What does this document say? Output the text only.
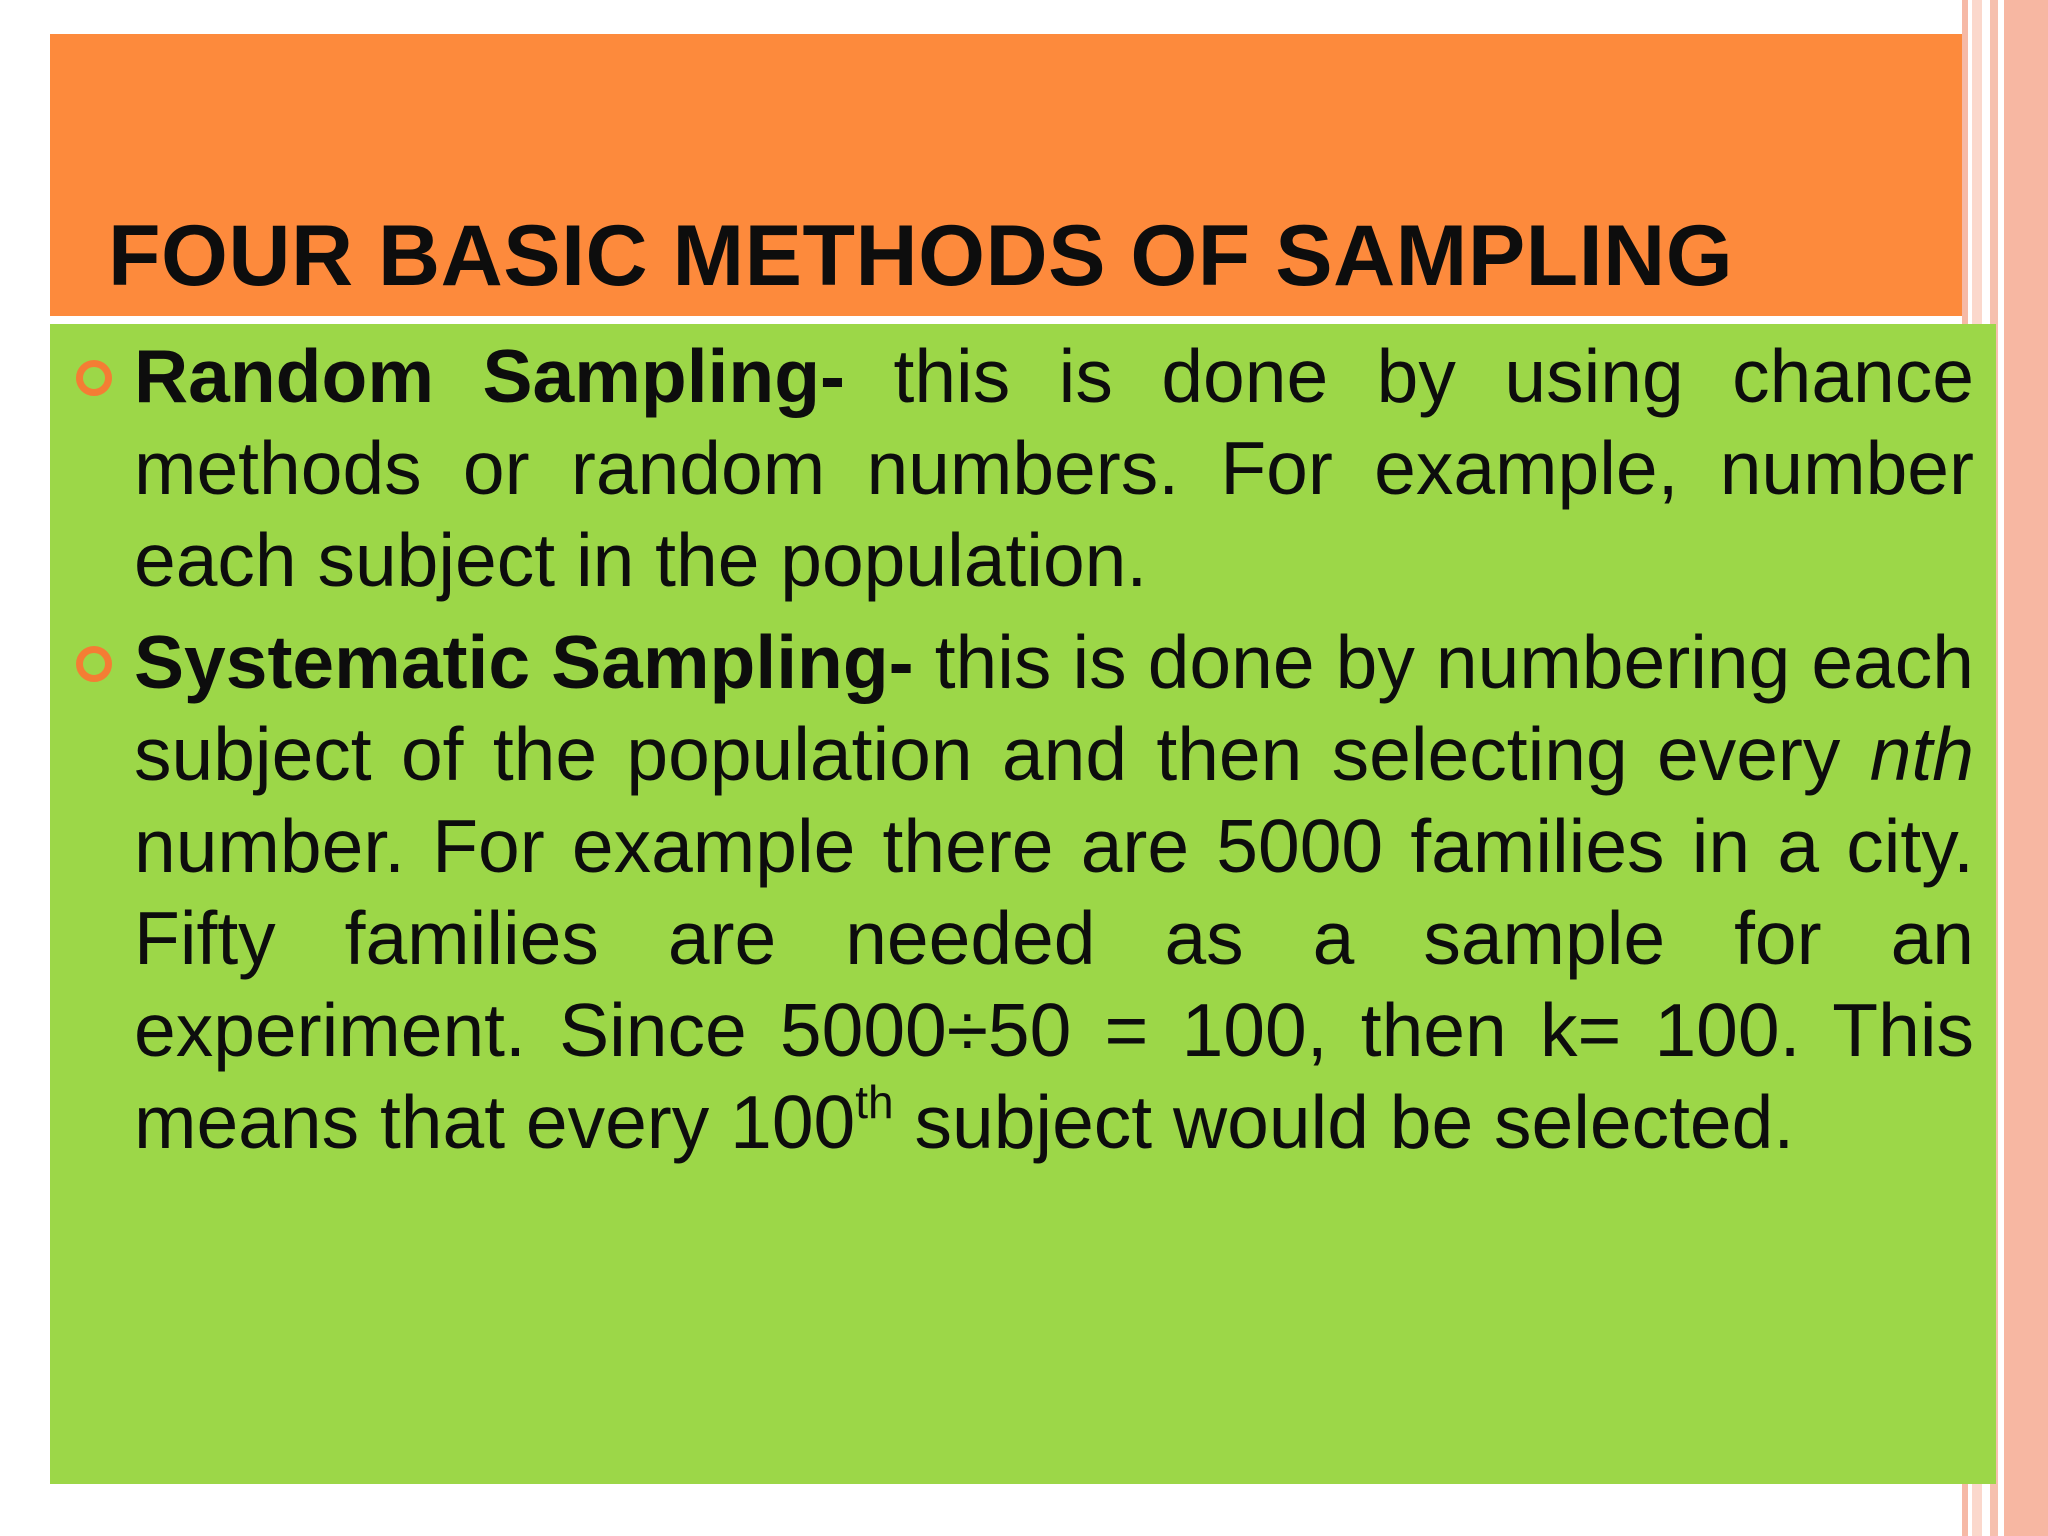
FOUR BASIC METHODS OF SAMPLING
Random Sampling- this is done by using chance methods or random numbers. For example, number each subject in the population.
Systematic Sampling- this is done by numbering each subject of the population and then selecting every nth number. For example there are 5000 families in a city. Fifty families are needed as a sample for an experiment. Since 5000÷50 = 100, then k= 100. This means that every 100th subject would be selected.
